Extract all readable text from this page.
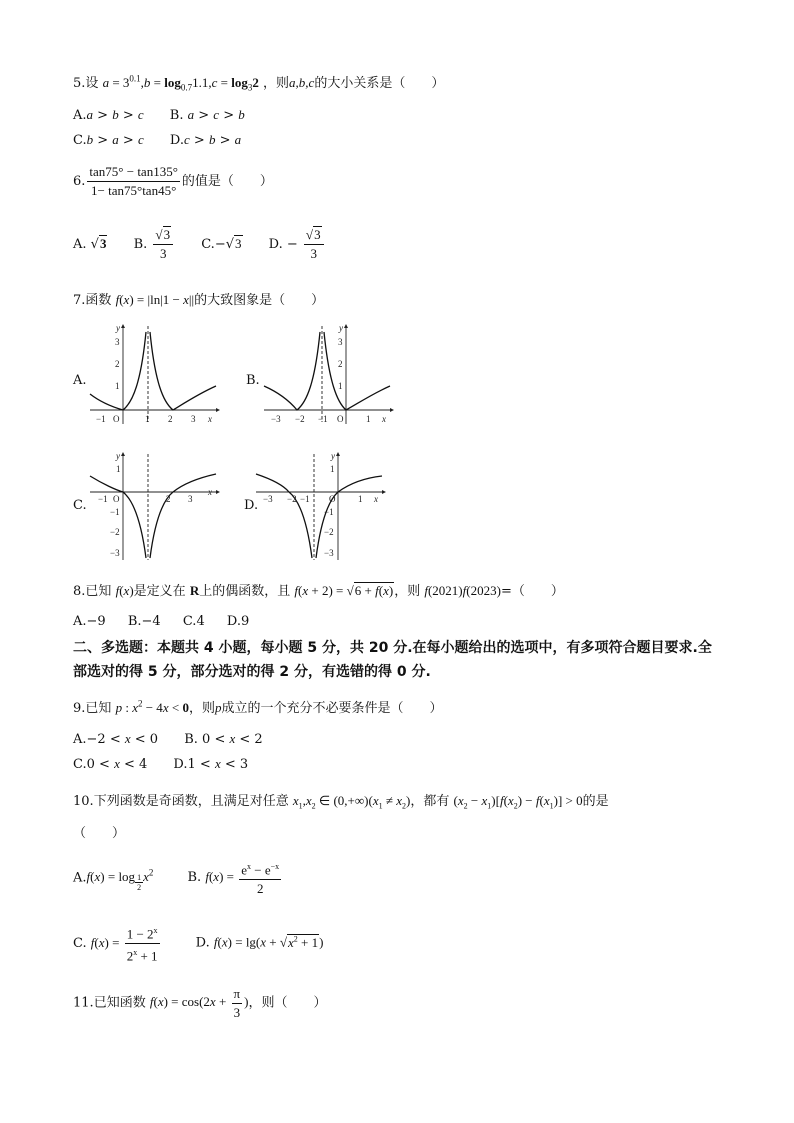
5.设 $a = 3^{0.1},b = \log_{0.7}1.1,c = \log_32$ ，则a,b,c的大小关系是（　　）
A.a > b > c B. a > c > b
C.b > a > c D.c > b > a
6. $\frac{\tan 75^\circ - \tan 135^\circ}{1- \tan 75^\circ\tan 45^\circ}$ 的值是（　　）
A. √3 B. $\frac{√3}{3} C.-√3$ D. − $\frac{√3}{3}$
7.函数 f(x) = |ln|1 − x||的大致图象是（　　）
A.
x
y
O
−1	1 2 3
1
2
3
B.
x
y
O
−3 −2 −1	1
1
2
3
C.
x
y
O
−1	2 3
1
−1
−2
−3
D.	x
y
O
−3 −2 −1	1
1
−1
−2
−3
8.已知 f(x)是定义在 R上的偶函数，且 f(x + 2) = √6 + f(x)，则 f(2021)f(2023)=（　　）
A.−9 B.−4 C.4 D.9
二、多选题：本题共 4 小题，每小题 5 分，共 20 分.在每小题给出的选项中，有多项符合题目要求.全部选对的得 5 分，部分选对的得 2 分，有选错的得 0 分.
9.已知 p : $x^2 - 4x < 0$，则p成立的一个充分不必要条件是（　　）
A.−2 < x < 0 B. 0 < x < 2
C.0 < x < 4 D.1 < x < 3
10.下列函数是奇函数，且满足对任意 $x_1,x_2$ ∈ $(0,+\infty)(x_1 \ne x_2)$，都有 $(x_2 - x_1)[f(x_2) - f(x_1)] > 0$的是
（　　）
A.f(x) = log $_{\frac{1}{2}}$ $x^2$	B. $f(x) = \frac{e^x - e^{-x}}{2}$
C. $f(x) = \frac{1 - 2^x}{2^x + 1}$	D. $f(x) = \lg(x + √x^2 + 1)$
11.已知函数 $f(x) = \cos(2x + \frac{\pi}{3}$ )，则（　　）
